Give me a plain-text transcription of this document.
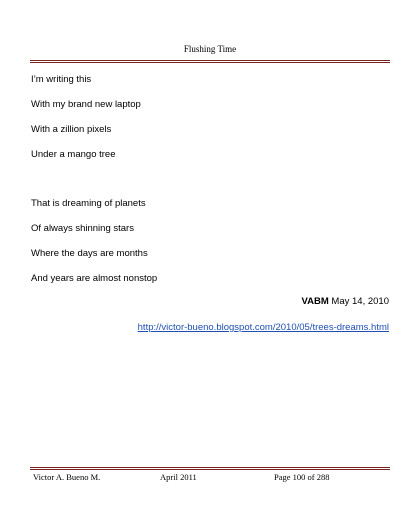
Flushing Time
I’m writing this
With my brand new laptop
With a zillion pixels
Under a mango tree
That is dreaming of planets
Of always shinning stars
Where the days are months
And years are almost nonstop
VABM May 14, 2010
http://victor-bueno.blogspot.com/2010/05/trees-dreams.html
Victor A. Bueno M.	April 2011	Page 100 of 288
